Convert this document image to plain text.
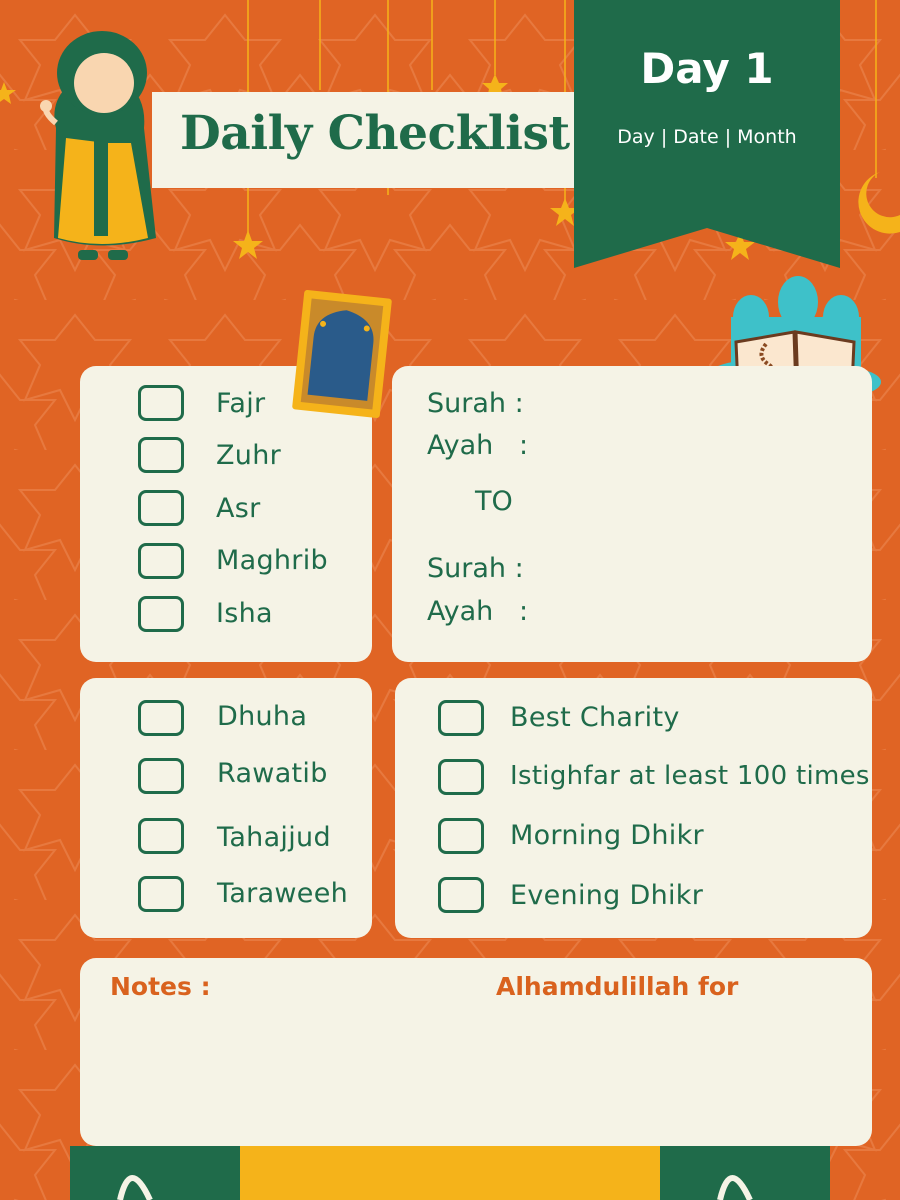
Daily Checklist
Day 1
Day | Date | Month
Fajr
Zuhr
Asr
Maghrib
Isha
Surah :
Ayah   :
TO
Surah :
Ayah   :
Dhuha
Rawatib
Tahajjud
Taraweeh
Best Charity
Istighfar at least 100 times
Morning Dhikr
Evening Dhikr
Notes :	Alhamdulillah for
